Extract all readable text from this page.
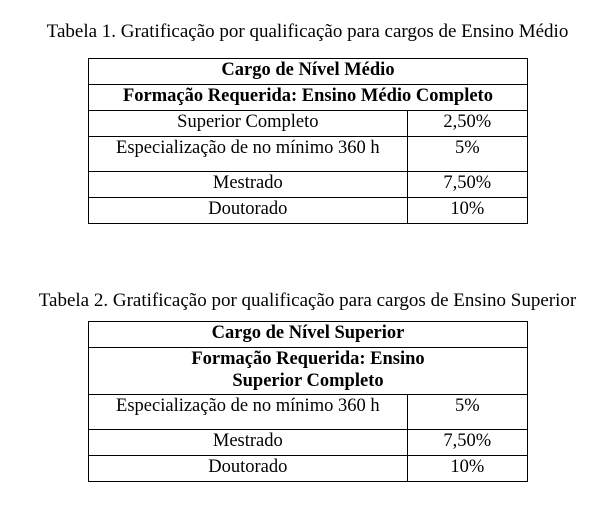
Tabela 1. Gratificação por qualificação para cargos de Ensino Médio
Cargo de Nível Médio	
Formação Requerida: Ensino Médio Completo	
Superior Completo	2,50%
Especialização de no mínimo 360 h	5%
Mestrado	7,50%
Doutorado	10%
Tabela 2. Gratificação por qualificação para cargos de Ensino Superior
Cargo de Nível Superior	
Formação Requerida: Ensino Superior Completo	
Especialização de no mínimo 360 h	5%
Mestrado	7,50%
Doutorado	10%
